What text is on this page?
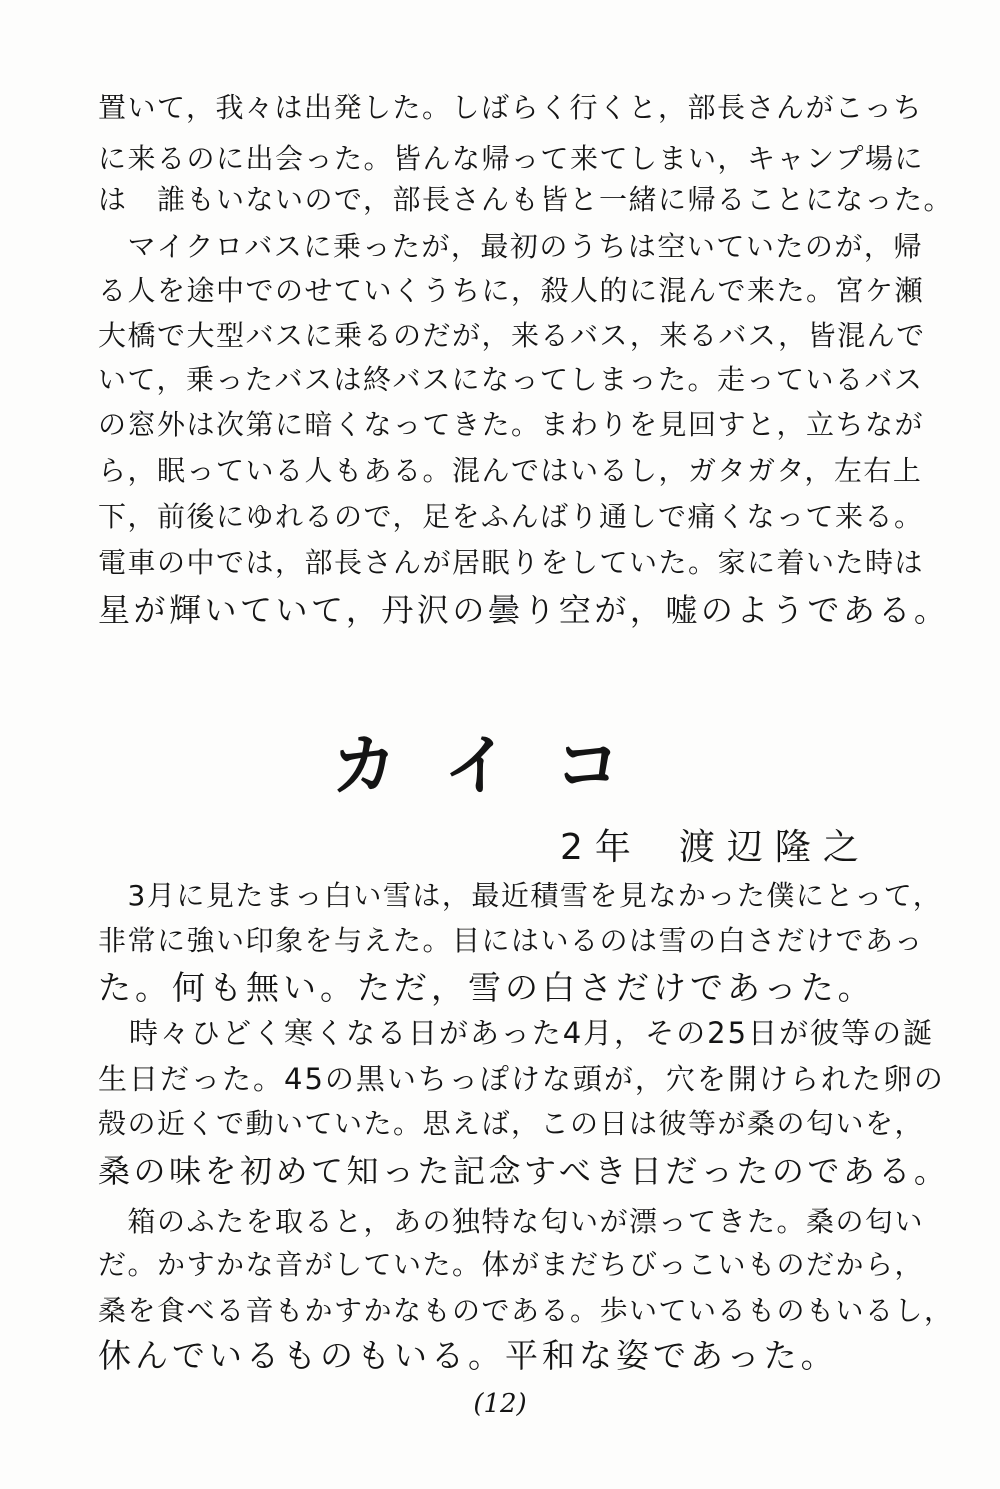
置いて，我々は出発した。しばらく行くと，部長さんがこっち
に来るのに出会った。皆んな帰って来てしまい，キャンプ場に
は　誰もいないので，部長さんも皆と一緒に帰ることになった。
　マイクロバスに乗ったが，最初のうちは空いていたのが，帰
る人を途中でのせていくうちに，殺人的に混んで来た。宮ケ瀬
大橋で大型バスに乗るのだが，来るバス，来るバス，皆混んで
いて，乗ったバスは終バスになってしまった。走っているバス
の窓外は次第に暗くなってきた。まわりを見回すと，立ちなが
ら，眠っている人もある。混んではいるし，ガタガタ，左右上
下，前後にゆれるので，足をふんばり通しで痛くなって来る。
電車の中では，部長さんが居眠りをしていた。家に着いた時は
星が輝いていて，丹沢の曇り空が，嘘のようである。
カイコ
2年 渡辺隆之
　3月に見たまっ白い雪は，最近積雪を見なかった僕にとって，
非常に強い印象を与えた。目にはいるのは雪の白さだけであっ
た。何も無い。ただ，雪の白さだけであった。
　時々ひどく寒くなる日があった4月，その25日が彼等の誕
生日だった。45の黒いちっぽけな頭が，穴を開けられた卵の
殻の近くで動いていた。思えば，この日は彼等が桑の匂いを，
桑の味を初めて知った記念すべき日だったのである。
　箱のふたを取ると，あの独特な匂いが漂ってきた。桑の匂い
だ。かすかな音がしていた。体がまだちびっこいものだから，
桑を食べる音もかすかなものである。歩いているものもいるし，
休んでいるものもいる。平和な姿であった。
(12)
